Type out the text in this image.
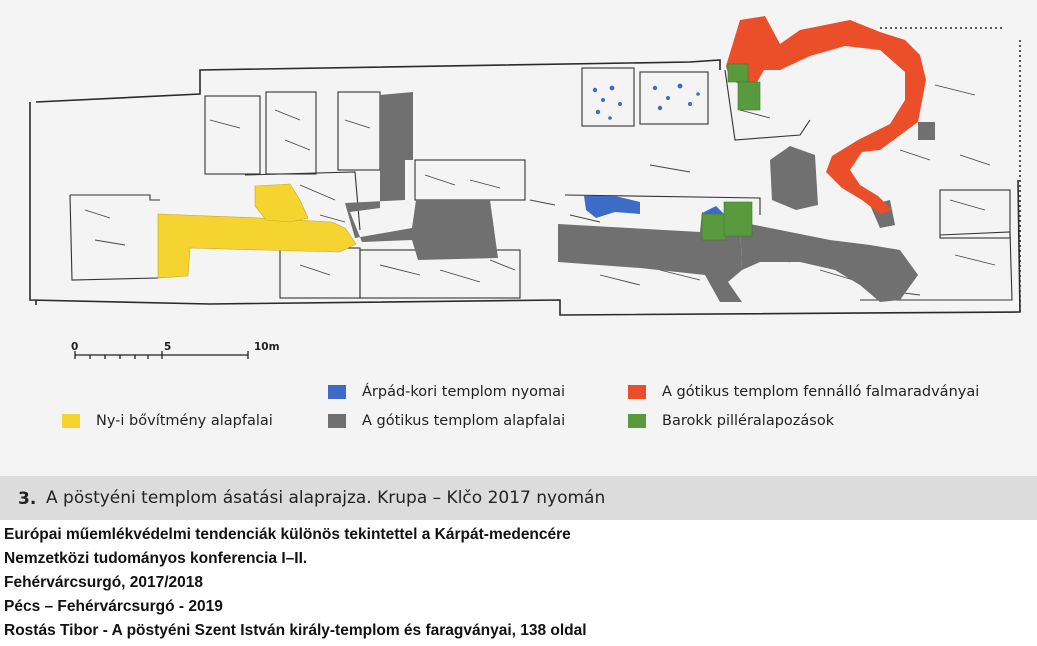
0	5	10m
Árpád-kori templom nyomai	A gótikus templom fennálló falmaradványai
Ny-i bővítmény alapfalai	A gótikus templom alapfalai	Barokk pilléralapozások
3. A pöstyéni templom ásatási alaprajza. Krupa – Klčo 2017 nyomán
Európai műemlékvédelmi tendenciák különös tekintettel a Kárpát-medencére
Nemzetközi tudományos konferencia I–II.
Fehérvárcsurgó, 2017/2018
Pécs – Fehérvárcsurgó - 2019
Rostás Tibor - A pöstyéni Szent István király-templom és faragványai, 138 oldal
